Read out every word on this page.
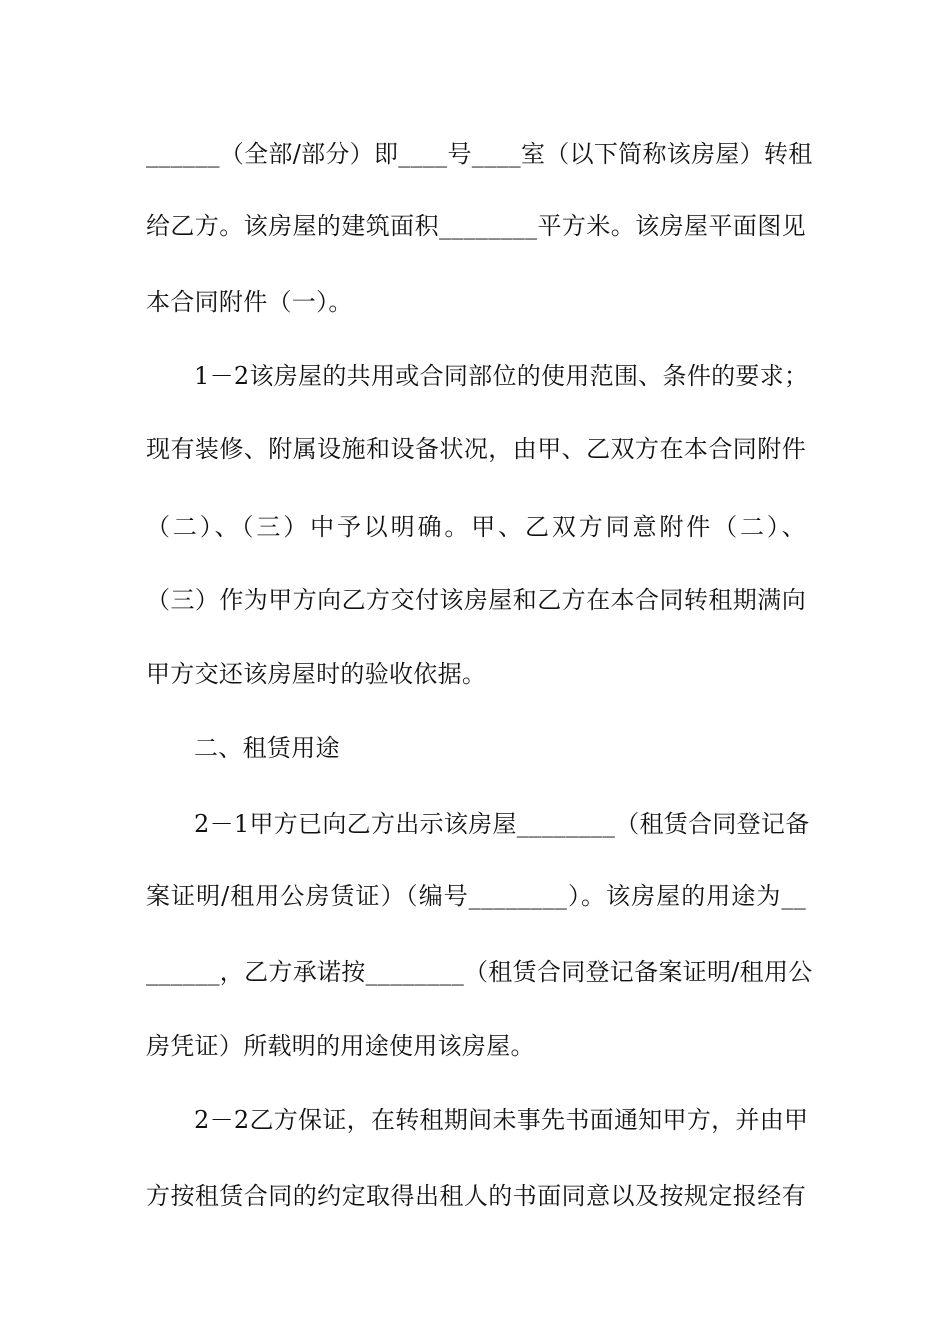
______（全部/部分）即____号____室（以下简称该房屋）转租
给乙方。该房屋的建筑面积________平方米。该房屋平面图见
本合同附件（一）。
1－2该房屋的共用或合同部位的使用范围、条件的要求；
现有装修、附属设施和设备状况，由甲、乙双方在本合同附件
（二）、（三）中予以明确。甲、乙双方同意附件（二）、
（三）作为甲方向乙方交付该房屋和乙方在本合同转租期满向
甲方交还该房屋时的验收依据。
二、租赁用途
2－1甲方已向乙方出示该房屋________（租赁合同登记备
案证明/租用公房赁证）（编号________）。该房屋的用途为__
______，乙方承诺按________（租赁合同登记备案证明/租用公
房凭证）所载明的用途使用该房屋。
2－2乙方保证，在转租期间未事先书面通知甲方，并由甲
方按租赁合同的约定取得出租人的书面同意以及按规定报经有
